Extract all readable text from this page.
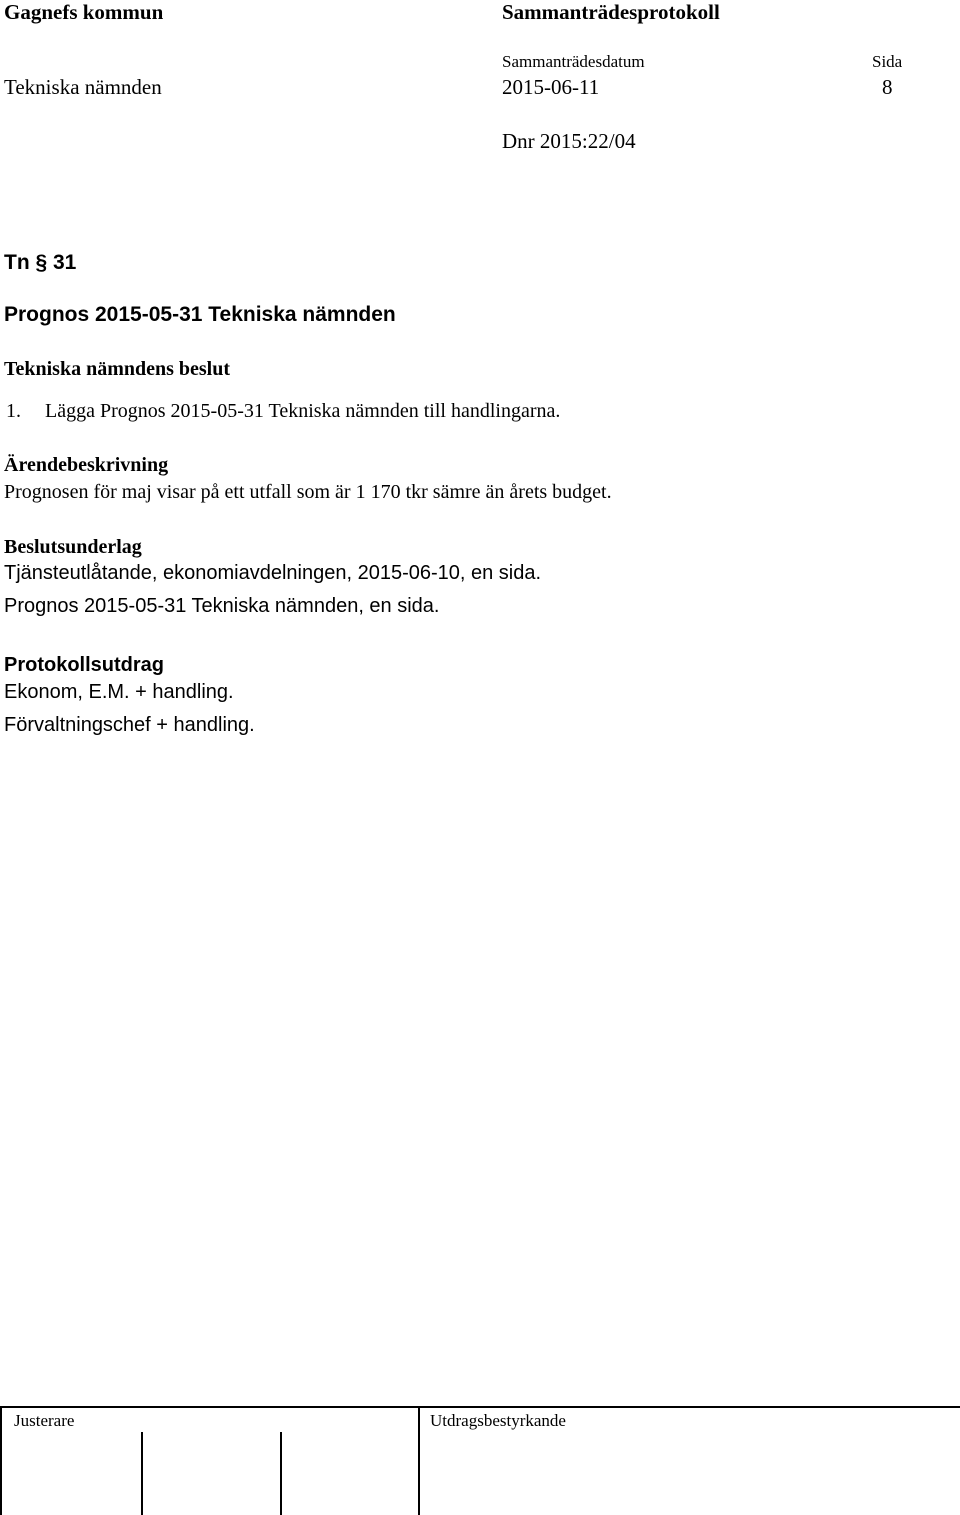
Gagnefs kommun	Sammanträdesprotokoll
Sammanträdesdatum	Sida
Tekniska nämnden	2015-06-11	8
Dnr 2015:22/04
Tn § 31
Prognos 2015-05-31 Tekniska nämnden
Tekniska nämndens beslut
1. Lägga Prognos 2015-05-31 Tekniska nämnden till handlingarna.
Ärendebeskrivning
Prognosen för maj visar på ett utfall som är 1 170 tkr sämre än årets budget.
Beslutsunderlag
Tjänsteutlåtande, ekonomiavdelningen, 2015-06-10, en sida.
Prognos 2015-05-31 Tekniska nämnden, en sida.
Protokollsutdrag
Ekonom, E.M. + handling.
Förvaltningschef + handling.
Justerare	Utdragsbestyrkande
